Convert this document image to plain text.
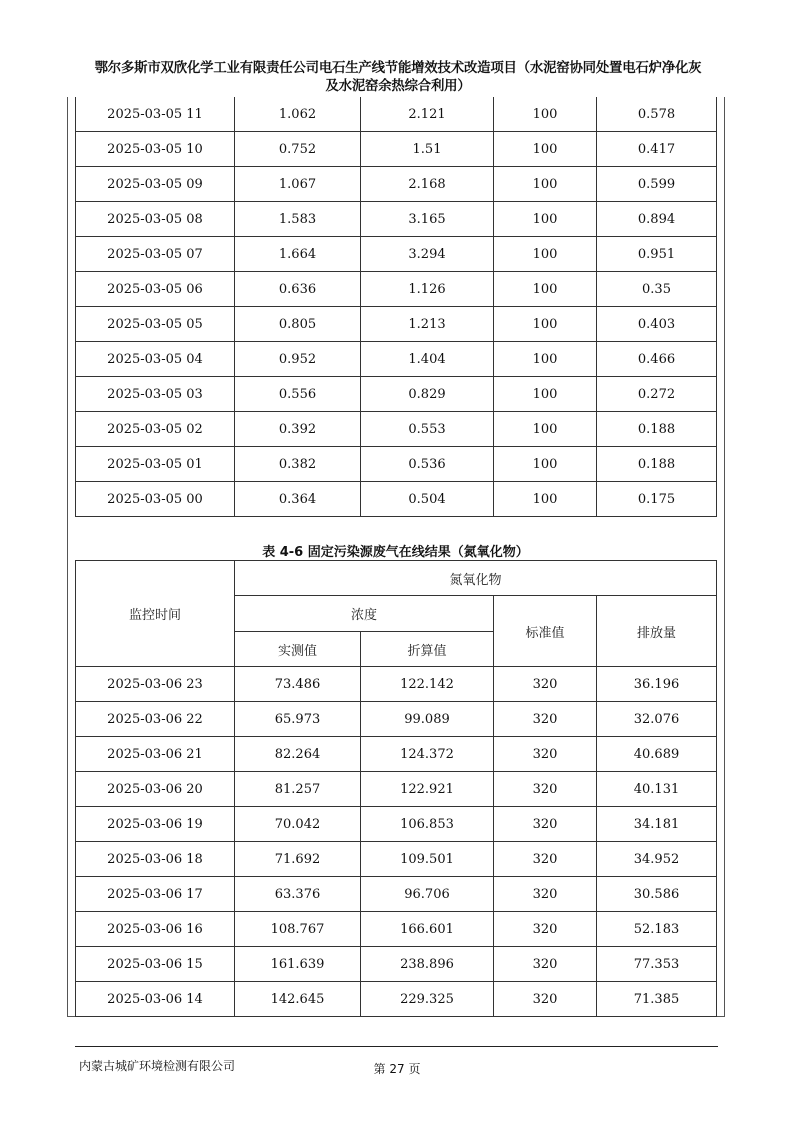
鄂尔多斯市双欣化学工业有限责任公司电石生产线节能增效技术改造项目（水泥窑协同处置电石炉净化灰
及水泥窑余热综合利用）
2025-03-05 11	1.062	2.121	100	0.578
2025-03-05 10	0.752	1.51	100	0.417
2025-03-05 09	1.067	2.168	100	0.599
2025-03-05 08	1.583	3.165	100	0.894
2025-03-05 07	1.664	3.294	100	0.951
2025-03-05 06	0.636	1.126	100	0.35
2025-03-05 05	0.805	1.213	100	0.403
2025-03-05 04	0.952	1.404	100	0.466
2025-03-05 03	0.556	0.829	100	0.272
2025-03-05 02	0.392	0.553	100	0.188
2025-03-05 01	0.382	0.536	100	0.188
2025-03-05 00	0.364	0.504	100	0.175
表 4-6 固定污染源废气在线结果（氮氧化物）
监控时间	氮氧化物			
	浓度		标准值	排放量
	实测值	折算值		
2025-03-06 23	73.486	122.142	320	36.196
2025-03-06 22	65.973	99.089	320	32.076
2025-03-06 21	82.264	124.372	320	40.689
2025-03-06 20	81.257	122.921	320	40.131
2025-03-06 19	70.042	106.853	320	34.181
2025-03-06 18	71.692	109.501	320	34.952
2025-03-06 17	63.376	96.706	320	30.586
2025-03-06 16	108.767	166.601	320	52.183
2025-03-06 15	161.639	238.896	320	77.353
2025-03-06 14	142.645	229.325	320	71.385
内蒙古城矿环境检测有限公司	第 27 页
